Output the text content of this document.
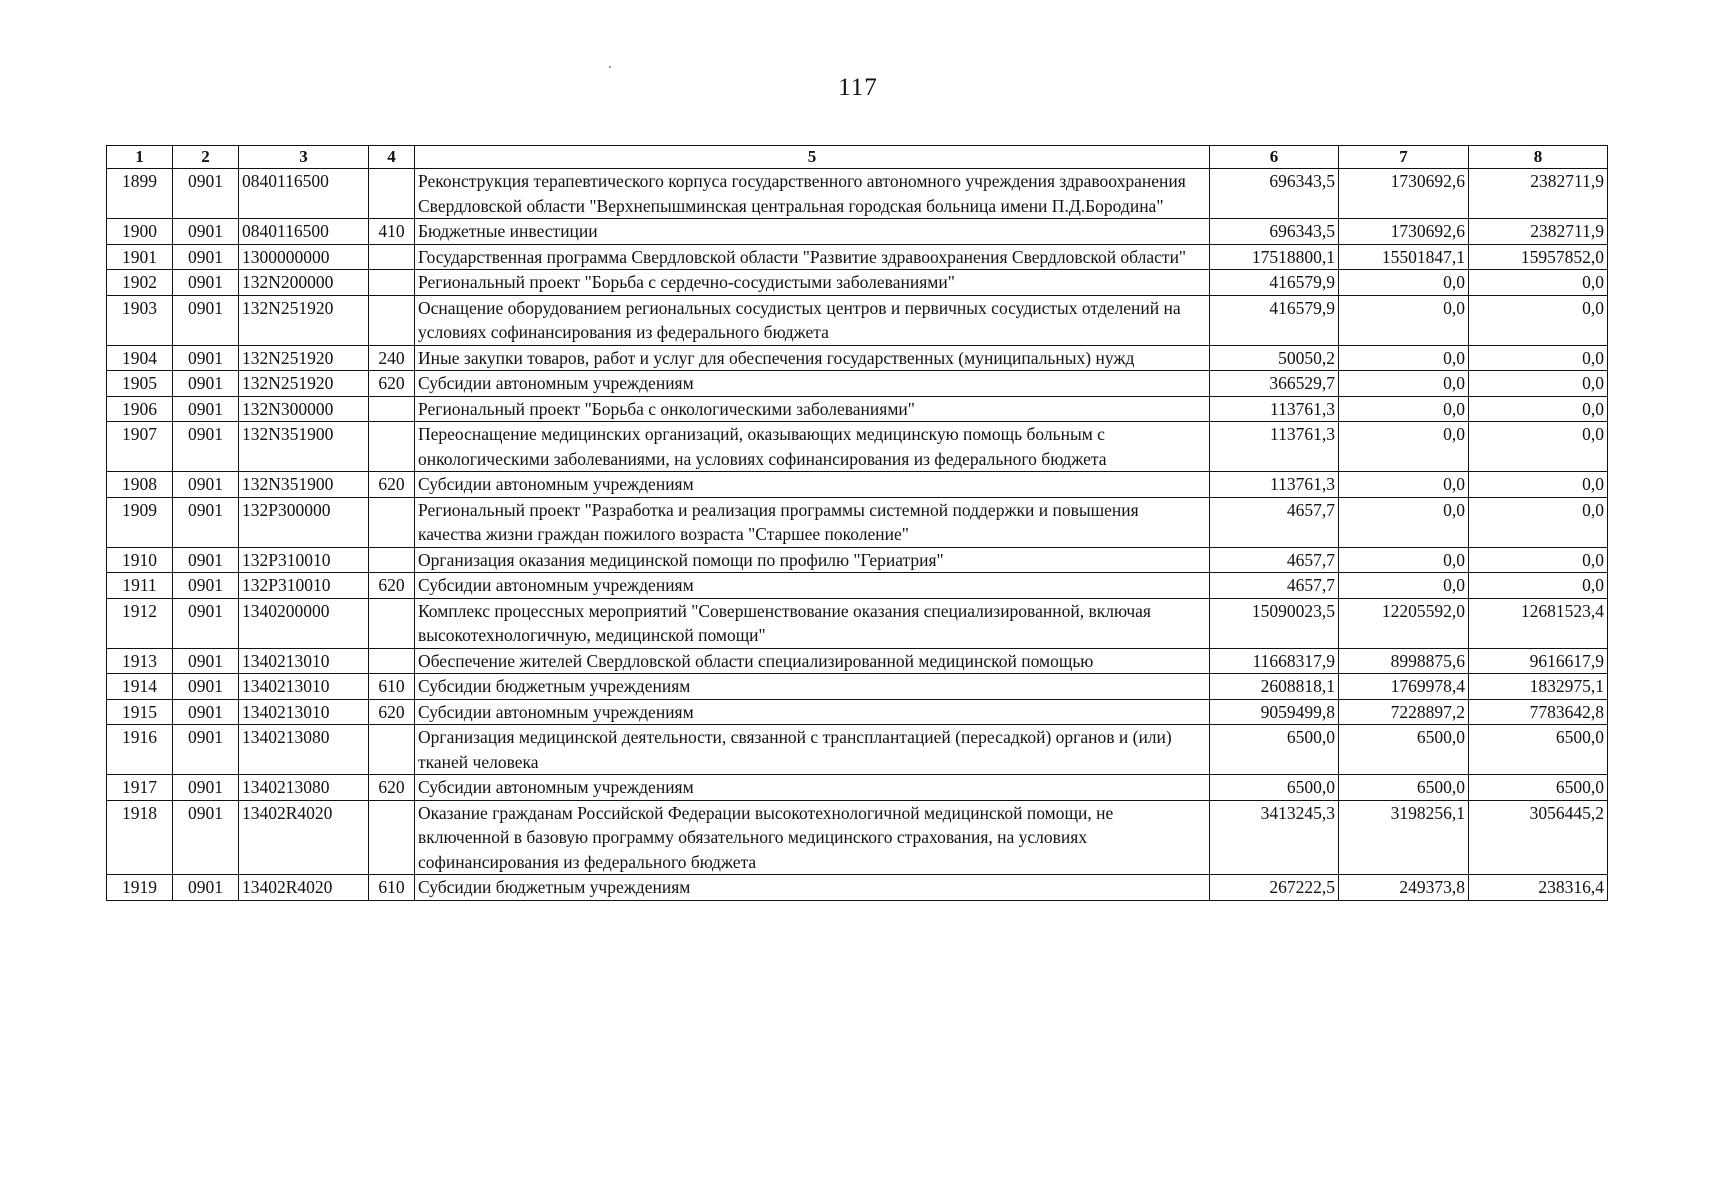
117
1	2	3	4	5	6	7	8
1899	0901	0840116500		Реконструкция терапевтического корпуса государственного автономного учреждения здравоохранения Свердловской области "Верхнепышминская центральная городская больница имени П.Д.Бородина"	696343,5	1730692,6	2382711,9
1900	0901	0840116500	410	Бюджетные инвестиции	696343,5	1730692,6	2382711,9
1901	0901	1300000000		Государственная программа Свердловской области "Развитие здравоохранения Свердловской области"	17518800,1	15501847,1	15957852,0
1902	0901	132N200000		Региональный проект "Борьба с сердечно-сосудистыми заболеваниями"	416579,9	0,0	0,0
1903	0901	132N251920		Оснащение оборудованием региональных сосудистых центров и первичных сосудистых отделений на условиях софинансирования из федерального бюджета	416579,9	0,0	0,0
1904	0901	132N251920	240	Иные закупки товаров, работ и услуг для обеспечения государственных (муниципальных) нужд	50050,2	0,0	0,0
1905	0901	132N251920	620	Субсидии автономным учреждениям	366529,7	0,0	0,0
1906	0901	132N300000		Региональный проект "Борьба с онкологическими заболеваниями"	113761,3	0,0	0,0
1907	0901	132N351900		Переоснащение медицинских организаций, оказывающих медицинскую помощь больным с онкологическими заболеваниями, на условиях софинансирования из федерального бюджета	113761,3	0,0	0,0
1908	0901	132N351900	620	Субсидии автономным учреждениям	113761,3	0,0	0,0
1909	0901	132P300000		Региональный проект "Разработка и реализация программы системной поддержки и повышения качества жизни граждан пожилого возраста "Старшее поколение"	4657,7	0,0	0,0
1910	0901	132P310010		Организация оказания медицинской помощи по профилю "Гериатрия"	4657,7	0,0	0,0
1911	0901	132P310010	620	Субсидии автономным учреждениям	4657,7	0,0	0,0
1912	0901	1340200000		Комплекс процессных мероприятий "Совершенствование оказания специализированной, включая высокотехнологичную, медицинской помощи"	15090023,5	12205592,0	12681523,4
1913	0901	1340213010		Обеспечение жителей Свердловской области специализированной медицинской помощью	11668317,9	8998875,6	9616617,9
1914	0901	1340213010	610	Субсидии бюджетным учреждениям	2608818,1	1769978,4	1832975,1
1915	0901	1340213010	620	Субсидии автономным учреждениям	9059499,8	7228897,2	7783642,8
1916	0901	1340213080		Организация медицинской деятельности, связанной с трансплантацией (пересадкой) органов и (или) тканей человека	6500,0	6500,0	6500,0
1917	0901	1340213080	620	Субсидии автономным учреждениям	6500,0	6500,0	6500,0
1918	0901	13402R4020		Оказание гражданам Российской Федерации высокотехнологичной медицинской помощи, не включенной в базовую программу обязательного медицинского страхования, на условиях софинансирования из федерального бюджета	3413245,3	3198256,1	3056445,2
1919	0901	13402R4020	610	Субсидии бюджетным учреждениям	267222,5	249373,8	238316,4
